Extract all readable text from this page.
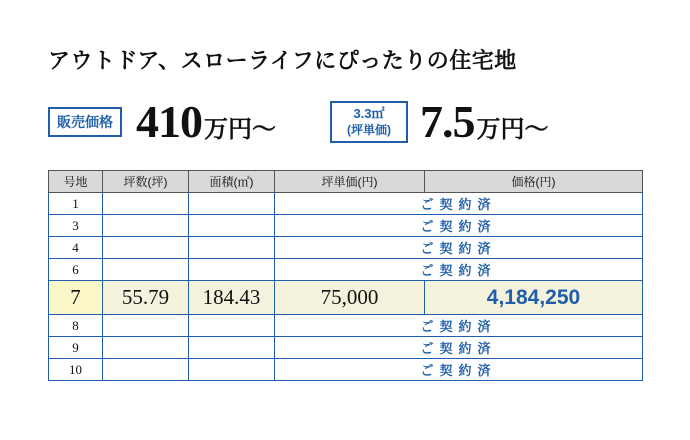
アウトドア、スローライフにぴったりの住宅地
販売価格 410 万円～
3.3㎡
(坪単価) 7.5 万円～
号地	坪数(坪)	面積(㎡)	坪単価(円)	価格(円)
1			ご契約済	
3			ご契約済	
4			ご契約済	
6			ご契約済	
7	55.79	184.43	75,000	4,184,250
8			ご契約済	
9			ご契約済	
10			ご契約済	
